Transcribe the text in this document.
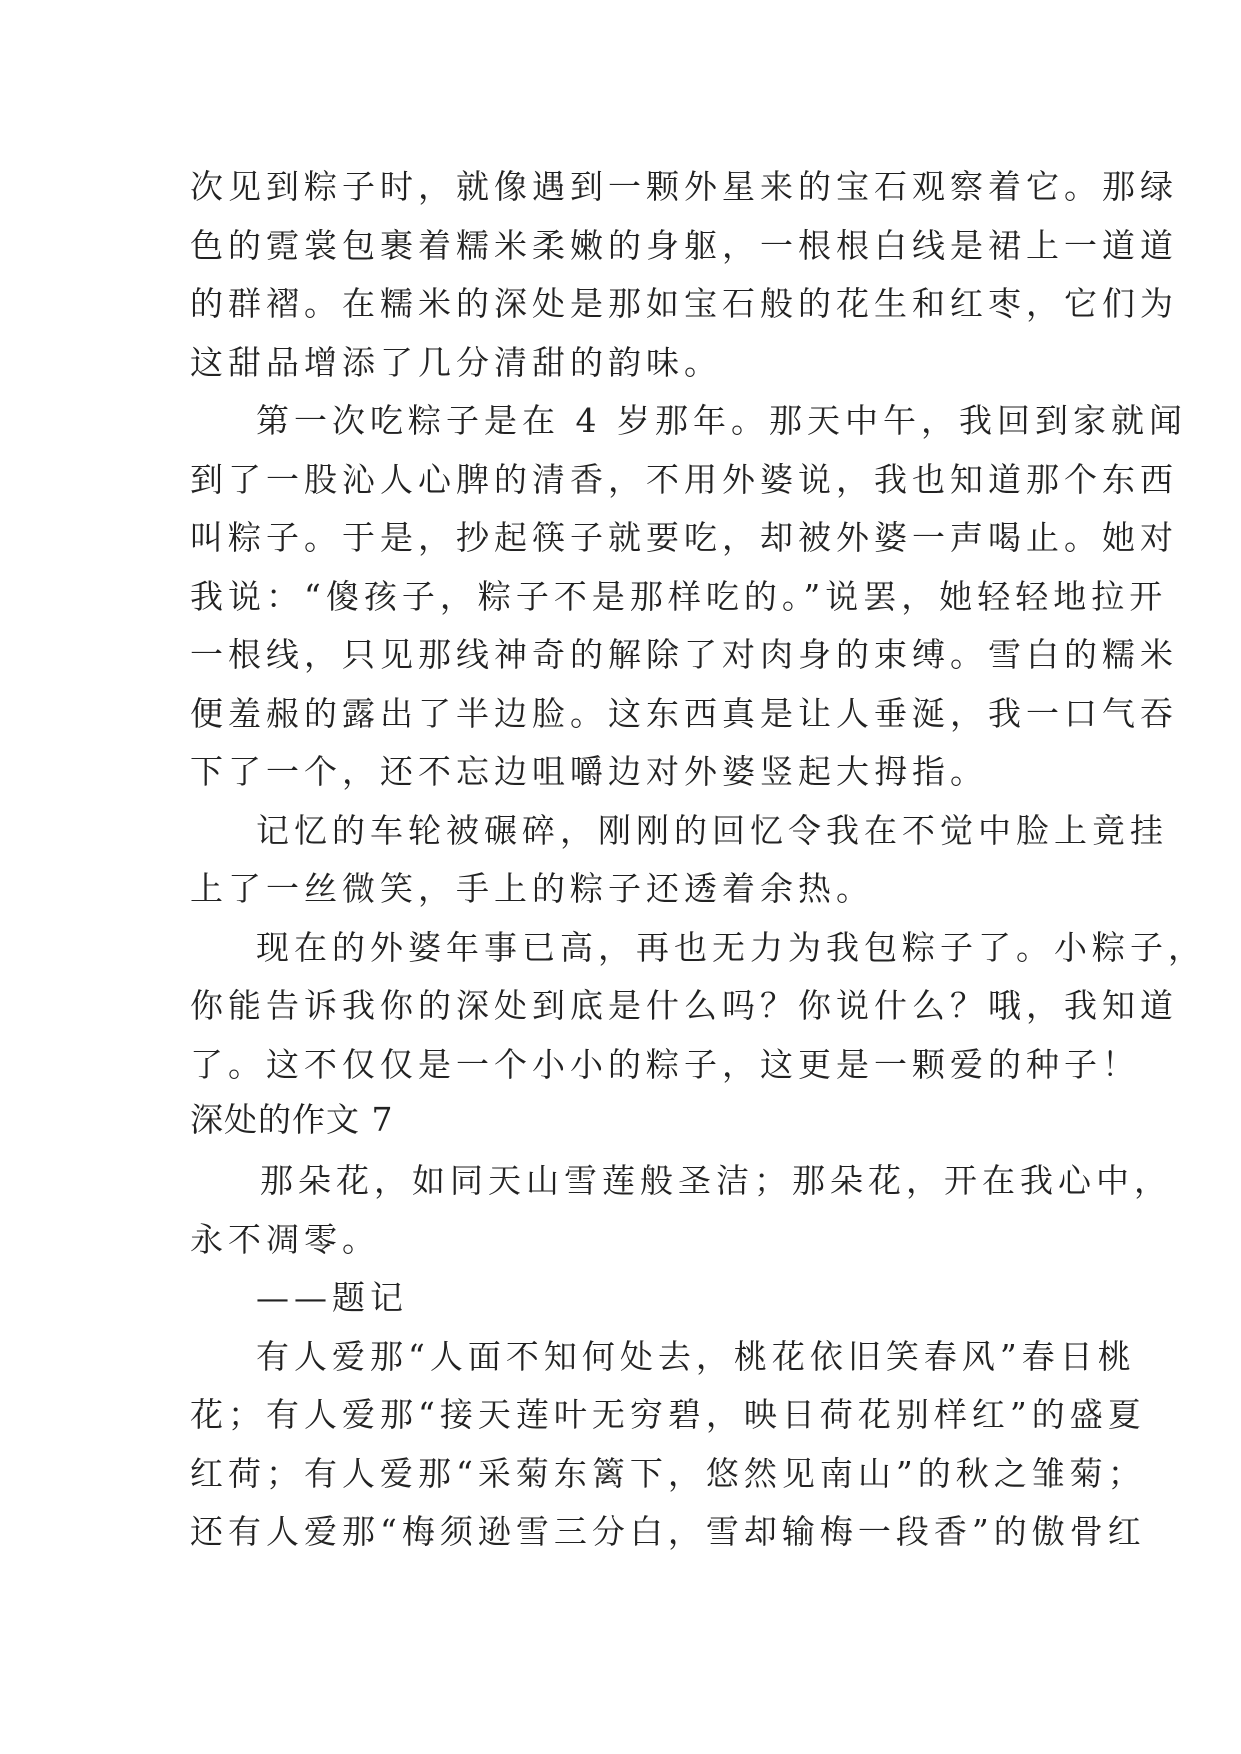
次见到粽子时，就像遇到一颗外星来的宝石观察着它。那绿
色的霓裳包裹着糯米柔嫩的身躯，一根根白线是裙上一道道
的群褶。在糯米的深处是那如宝石般的花生和红枣，它们为
这甜品增添了几分清甜的韵味。
第一次吃粽子是在 4 岁那年。那天中午，我回到家就闻
到了一股沁人心脾的清香，不用外婆说，我也知道那个东西
叫粽子。于是，抄起筷子就要吃，却被外婆一声喝止。她对
我说：“傻孩子，粽子不是那样吃的。”说罢，她轻轻地拉开
一根线，只见那线神奇的解除了对肉身的束缚。雪白的糯米
便羞赧的露出了半边脸。这东西真是让人垂涎，我一口气吞
下了一个，还不忘边咀嚼边对外婆竖起大拇指。
记忆的车轮被碾碎，刚刚的回忆令我在不觉中脸上竟挂
上了一丝微笑，手上的粽子还透着余热。
现在的外婆年事已高，再也无力为我包粽子了。小粽子，
你能告诉我你的深处到底是什么吗？你说什么？哦，我知道
了。这不仅仅是一个小小的粽子，这更是一颗爱的种子！
深处的作文 7
那朵花，如同天山雪莲般圣洁；那朵花，开在我心中，
永不凋零。
——题记
有人爱那“人面不知何处去，桃花依旧笑春风”春日桃
花；有人爱那“接天莲叶无穷碧，映日荷花别样红”的盛夏
红荷；有人爱那“采菊东篱下，悠然见南山”的秋之雏菊；
还有人爱那“梅须逊雪三分白，雪却输梅一段香”的傲骨红
